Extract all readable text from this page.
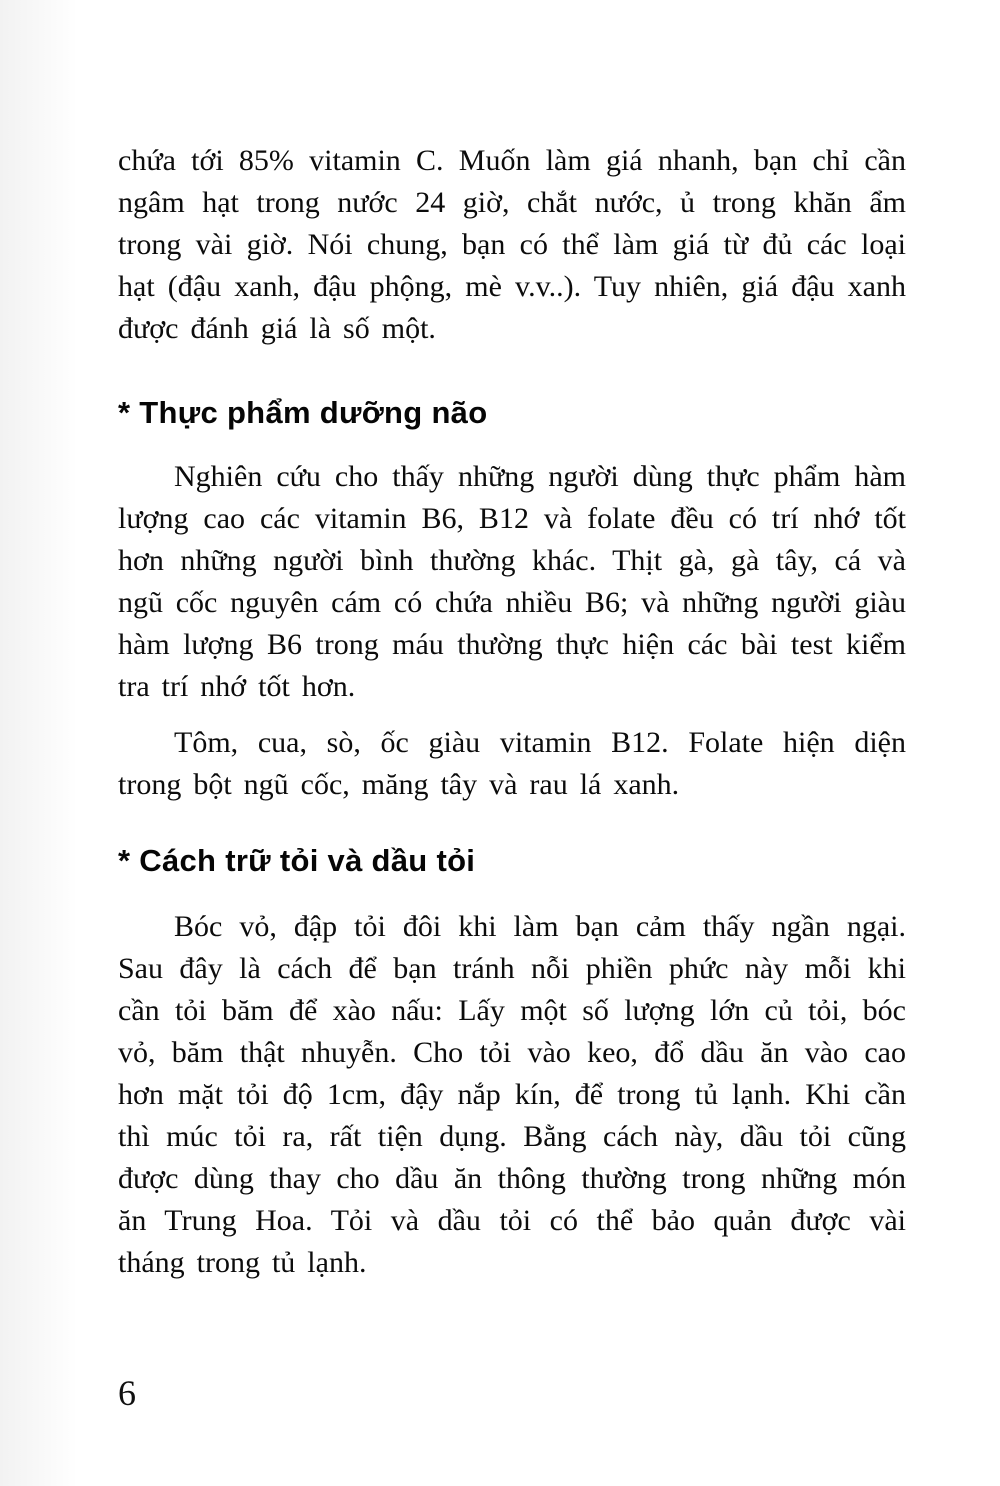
chứa tới 85% vitamin C. Muốn làm giá nhanh, bạn chỉ cần ngâm hạt trong nước 24 giờ, chắt nước, ủ trong khăn ẩm trong vài giờ. Nói chung, bạn có thể làm giá từ đủ các loại hạt (đậu xanh, đậu phộng, mè v.v..). Tuy nhiên, giá đậu xanh được đánh giá là số một.

* Thực phẩm dưỡng não

Nghiên cứu cho thấy những người dùng thực phẩm hàm lượng cao các vitamin B6, B12 và folate đều có trí nhớ tốt hơn những người bình thường khác. Thịt gà, gà tây, cá và ngũ cốc nguyên cám có chứa nhiều B6; và những người giàu hàm lượng B6 trong máu thường thực hiện các bài test kiểm tra trí nhớ tốt hơn.

Tôm, cua, sò, ốc giàu vitamin B12. Folate hiện diện trong bột ngũ cốc, măng tây và rau lá xanh.

* Cách trữ tỏi và dầu tỏi

Bóc vỏ, đập tỏi đôi khi làm bạn cảm thấy ngần ngại. Sau đây là cách để bạn tránh nỗi phiền phức này mỗi khi cần tỏi băm để xào nấu: Lấy một số lượng lớn củ tỏi, bóc vỏ, băm thật nhuyễn. Cho tỏi vào keo, đổ dầu ăn vào cao hơn mặt tỏi độ 1cm, đậy nắp kín, để trong tủ lạnh. Khi cần thì múc tỏi ra, rất tiện dụng. Bằng cách này, dầu tỏi cũng được dùng thay cho dầu ăn thông thường trong những món ăn Trung Hoa. Tỏi và dầu tỏi có thể bảo quản được vài tháng trong tủ lạnh.

6
